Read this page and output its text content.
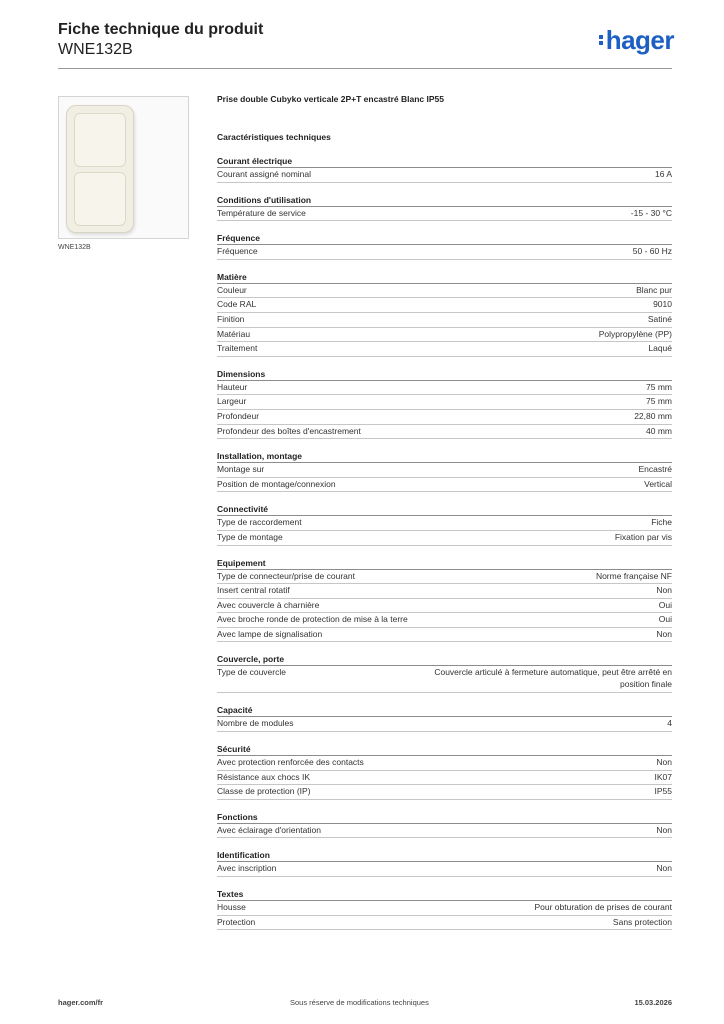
Fiche technique du produit
WNE132B	hager
WNE132B
Prise double Cubyko verticale 2P+T encastré Blanc IP55
Caractéristiques techniques
Courant électrique
Courant assigné nominal	16 A
Conditions d'utilisation
Température de service	-15 - 30 °C
Fréquence
Fréquence	50 - 60 Hz
Matière
Couleur	Blanc pur
Code RAL	9010
Finition	Satiné
Matériau	Polypropylène (PP)
Traitement	Laqué
Dimensions
Hauteur	75 mm
Largeur	75 mm
Profondeur	22,80 mm
Profondeur des boîtes d'encastrement	40 mm
Installation, montage
Montage sur	Encastré
Position de montage/connexion	Vertical
Connectivité
Type de raccordement	Fiche
Type de montage	Fixation par vis
Equipement
Type de connecteur/prise de courant	Norme française NF
Insert central rotatif	Non
Avec couvercle à charnière	Oui
Avec broche ronde de protection de mise à la terre	Oui
Avec lampe de signalisation	Non
Couvercle, porte
Type de couvercle	Couvercle articulé à fermeture automatique, peut être arrêté en position finale
Capacité
Nombre de modules	4
Sécurité
Avec protection renforcée des contacts	Non
Résistance aux chocs IK	IK07
Classe de protection (IP)	IP55
Fonctions
Avec éclairage d'orientation	Non
Identification
Avec inscription	Non
Textes
Housse	Pour obturation de prises de courant
Protection	Sans protection
hager.com/fr	Sous réserve de modifications techniques	15.03.2026
